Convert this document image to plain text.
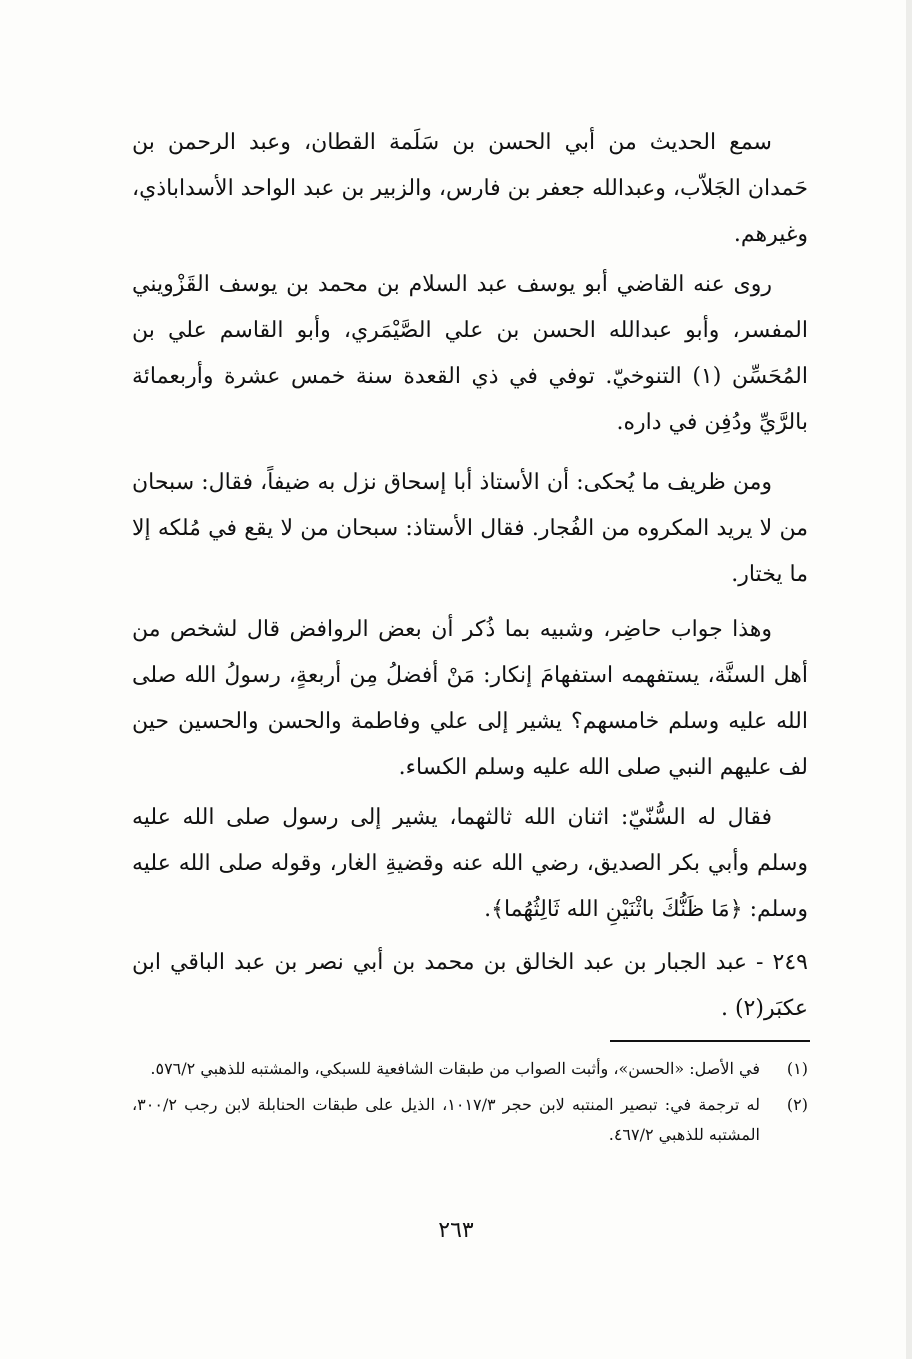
سمع الحديث من أبي الحسن بن سَلَمة القطان، وعبد الرحمن بن حَمدان الجَلاّب، وعبدالله جعفر بن فارس، والزبير بن عبد الواحد الأسداباذي، وغيرهم.

روى عنه القاضي أبو يوسف عبد السلام بن محمد بن يوسف القَزْويني المفسر، وأبو عبدالله الحسن بن علي الصَّيْمَري، وأبو القاسم علي بن المُحَسِّن (١) التنوخيّ. توفي في ذي القعدة سنة خمس عشرة وأربعمائة بالرَّيِّ ودُفِن في داره.

ومن ظريف ما يُحكى: أن الأستاذ أبا إسحاق نزل به ضيفاً، فقال: سبحان من لا يريد المكروه من الفُجار. فقال الأستاذ: سبحان من لا يقع في مُلكه إلا ما يختار.

وهذا جواب حاضِر، وشبيه بما ذُكر أن بعض الروافض قال لشخص من أهل السنَّة، يستفهمه استفهامَ إنكار: مَنْ أفضلُ مِن أربعةٍ، رسولُ الله صلى الله عليه وسلم خامسهم؟ يشير إلى علي وفاطمة والحسن والحسين حين لف عليهم النبي صلى الله عليه وسلم الكساء.

فقال له السُّنّيّ: اثنان الله ثالثهما، يشير إلى رسول صلى الله عليه وسلم وأبي بكر الصديق، رضي الله عنه وقضيةِ الغار، وقوله صلى الله عليه وسلم: ﴿مَا ظَنُّكَ باثْنَيْنِ الله ثَالِثُهُما﴾.

٢٤٩ - عبد الجبار بن عبد الخالق بن محمد بن أبي نصر بن عبد الباقي ابن عكبَر(٢) .

(١)
في الأصل: «الحسن»، وأثبت الصواب من طبقات الشافعية للسبكي، والمشتبه للذهبي ٥٧٦/٢.
(٢)
له ترجمة في: تبصير المنتبه لابن حجر ١٠١٧/٣، الذيل على طبقات الحنابلة لابن رجب ٣٠٠/٢، المشتبه للذهبي ٤٦٧/٢.
٢٦٣
